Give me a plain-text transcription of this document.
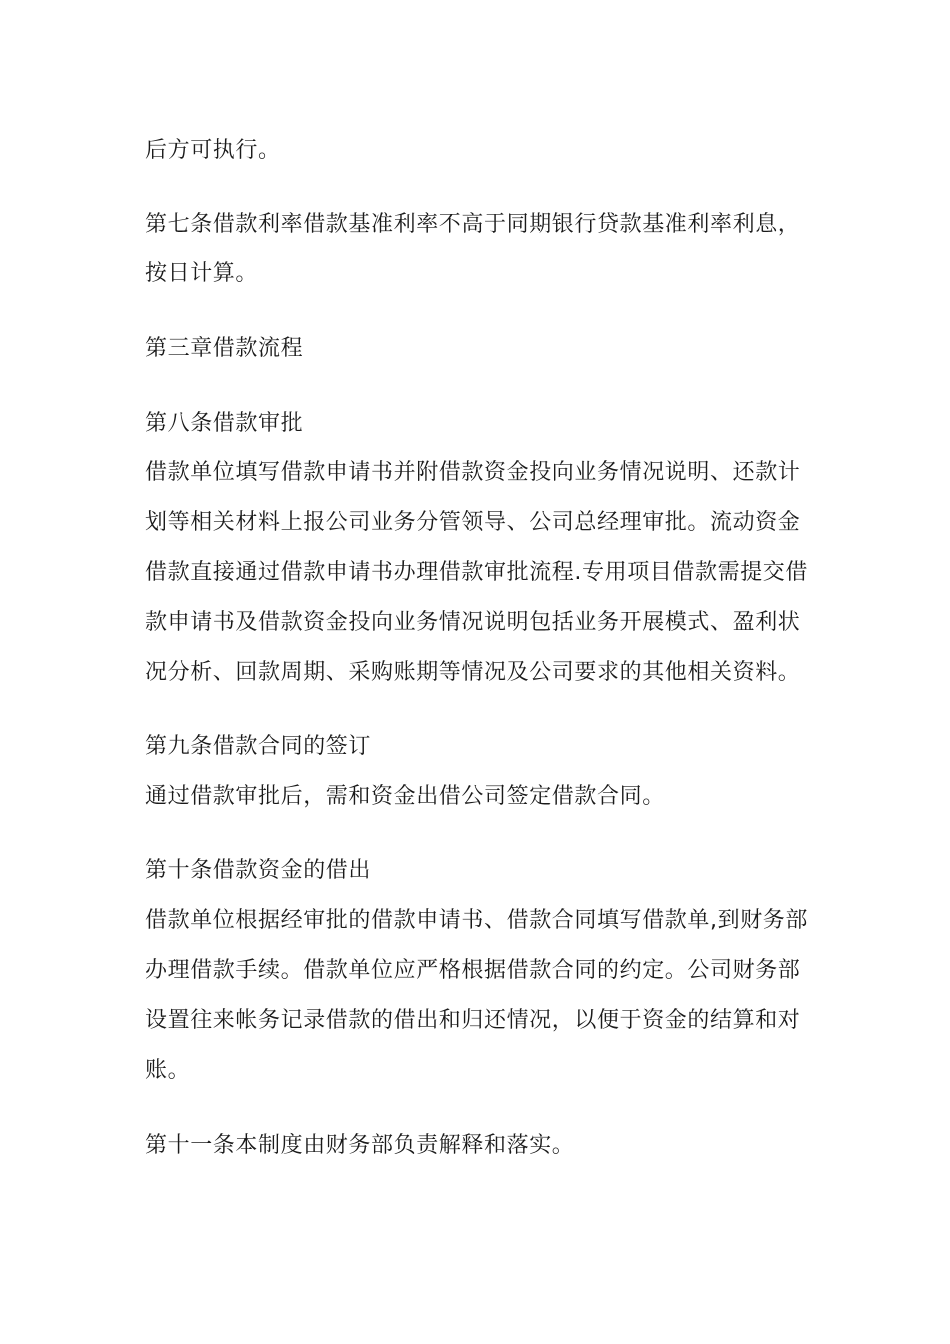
后方可执行。
第七条借款利率借款基准利率不高于同期银行贷款基准利率利息，
按日计算。
第三章借款流程
第八条借款审批
借款单位填写借款申请书并附借款资金投向业务情况说明、还款计
划等相关材料上报公司业务分管领导、公司总经理审批。流动资金
借款直接通过借款申请书办理借款审批流程.专用项目借款需提交借
款申请书及借款资金投向业务情况说明包括业务开展模式、盈利状
况分析、回款周期、采购账期等情况及公司要求的其他相关资料。
第九条借款合同的签订
通过借款审批后，需和资金出借公司签定借款合同。
第十条借款资金的借出
借款单位根据经审批的借款申请书、借款合同填写借款单,到财务部
办理借款手续。借款单位应严格根据借款合同的约定。公司财务部
设置往来帐务记录借款的借出和归还情况，以便于资金的结算和对
账。
第十一条本制度由财务部负责解释和落实。
